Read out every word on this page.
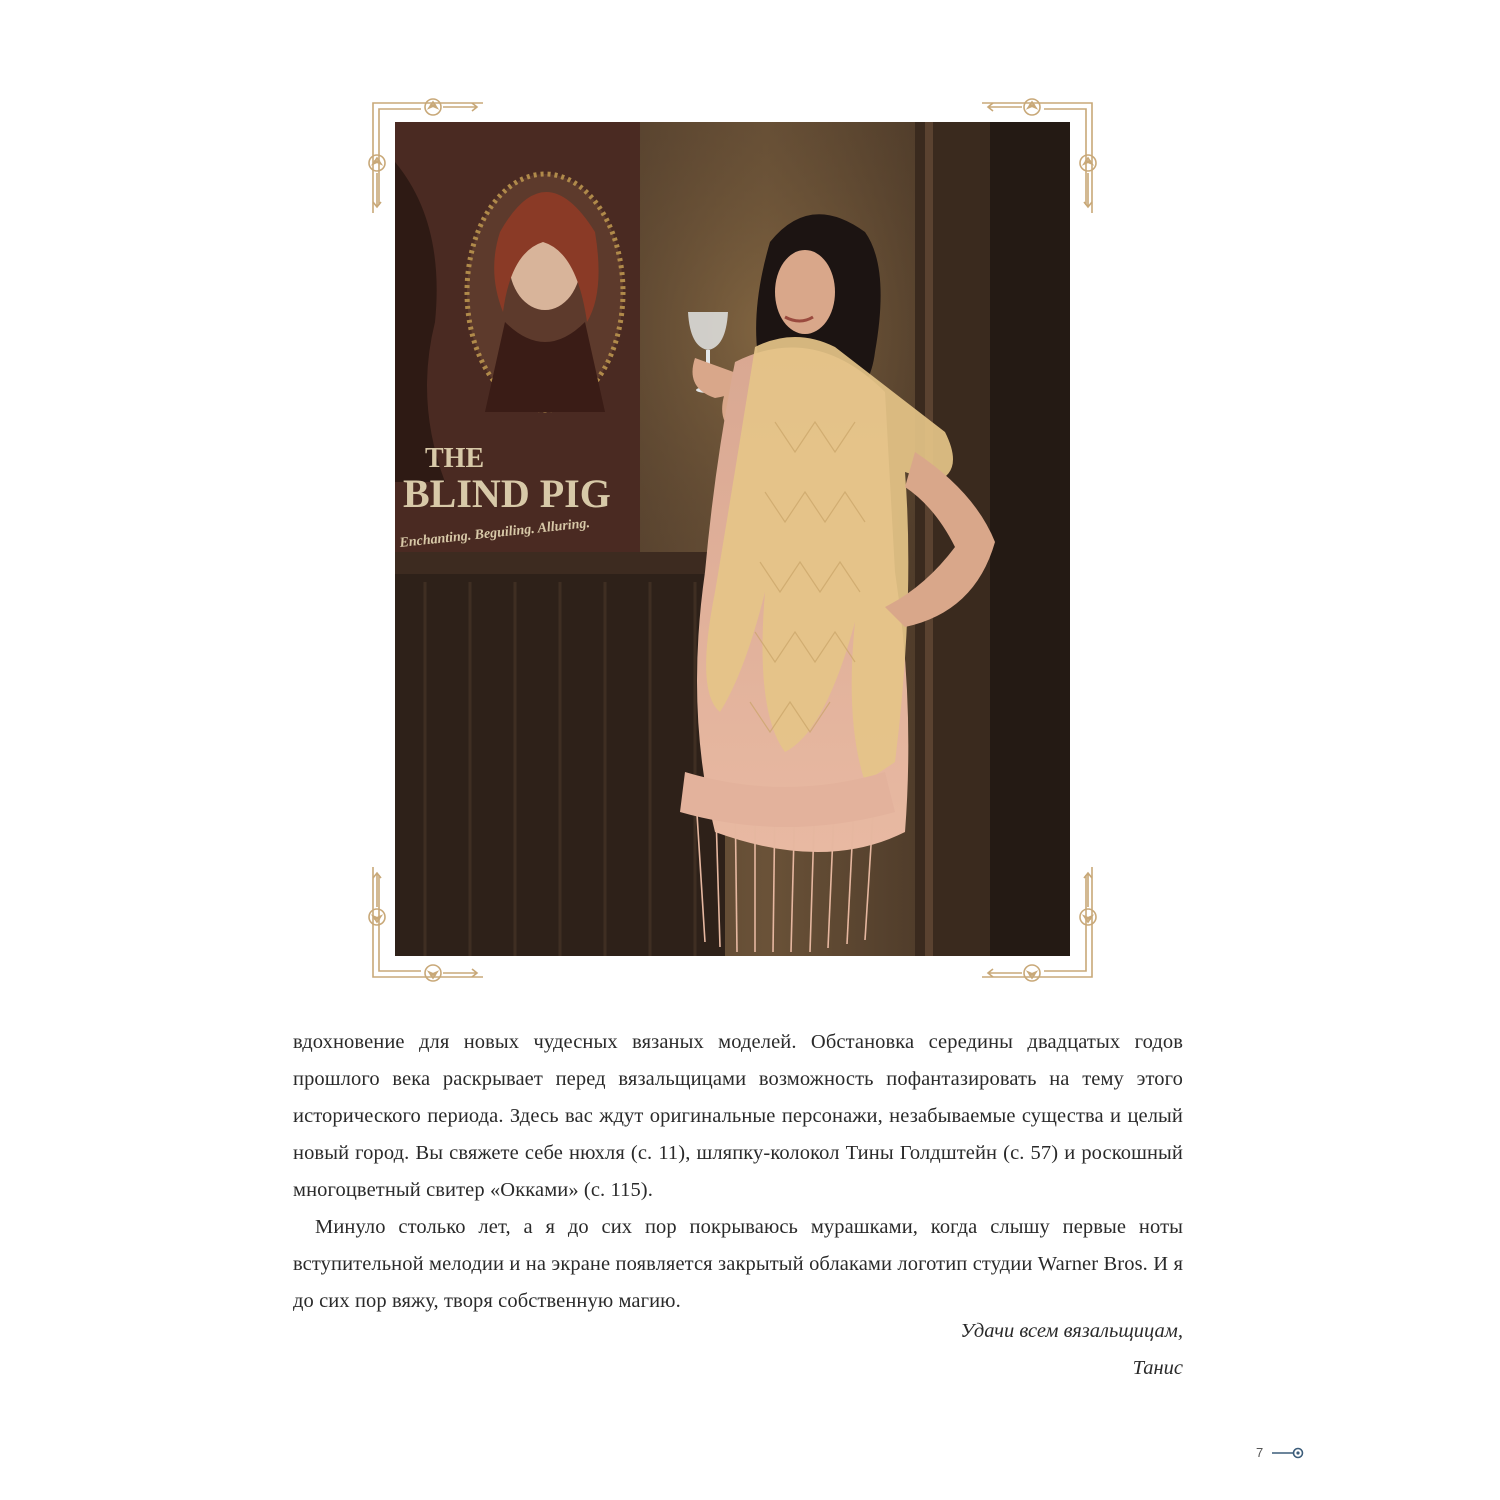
THE
BLIND PIG
Enchanting. Beguiling. Alluring.

вдохновение для новых чудесных вязаных моделей. Обстановка середины двадцатых годов прошлого века раскрывает перед вязальщицами возможность пофантазировать на тему этого исторического периода. Здесь вас ждут оригинальные персонажи, незабываемые существа и целый новый город. Вы свяжете себе нюхля (с. 11), шляпку-колокол Тины Голдштейн (с. 57) и роскошный многоцветный свитер «Окками» (с. 115).

Минуло столько лет, а я до сих пор покрываюсь мурашками, когда слышу первые ноты вступительной мелодии и на экране появляется закрытый облаками логотип студии Warner Bros. И я до сих пор вяжу, творя собственную магию.

Удачи всем вязальщицам,
Танис
7
